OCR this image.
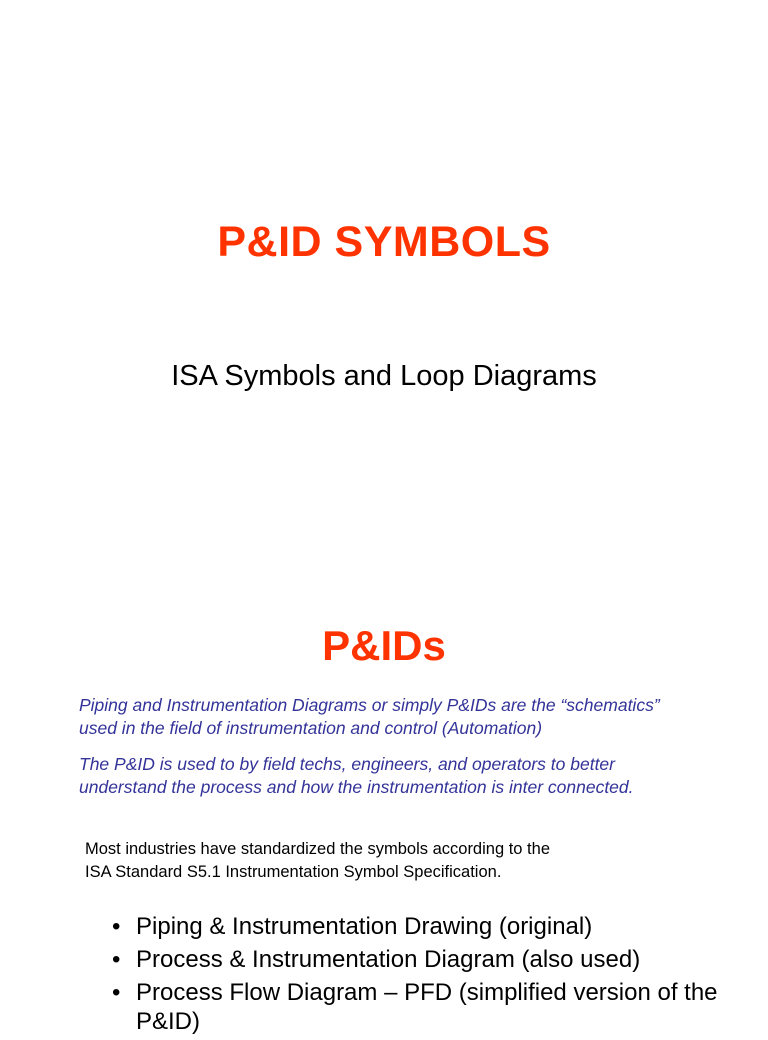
P&ID SYMBOLS

ISA Symbols and Loop Diagrams

P&IDs

Piping and Instrumentation Diagrams or simply P&IDs are the “schematics”
used in the field of instrumentation and control (Automation)

The P&ID is used to by field techs, engineers, and operators to better
understand the process and how the instrumentation is inter connected.

Most industries have standardized the symbols according to the
ISA Standard S5.1 Instrumentation Symbol Specification.

• Piping & Instrumentation Drawing (original)
• Process & Instrumentation Diagram (also used)
• Process Flow Diagram – PFD (simplified version of the P&ID)
